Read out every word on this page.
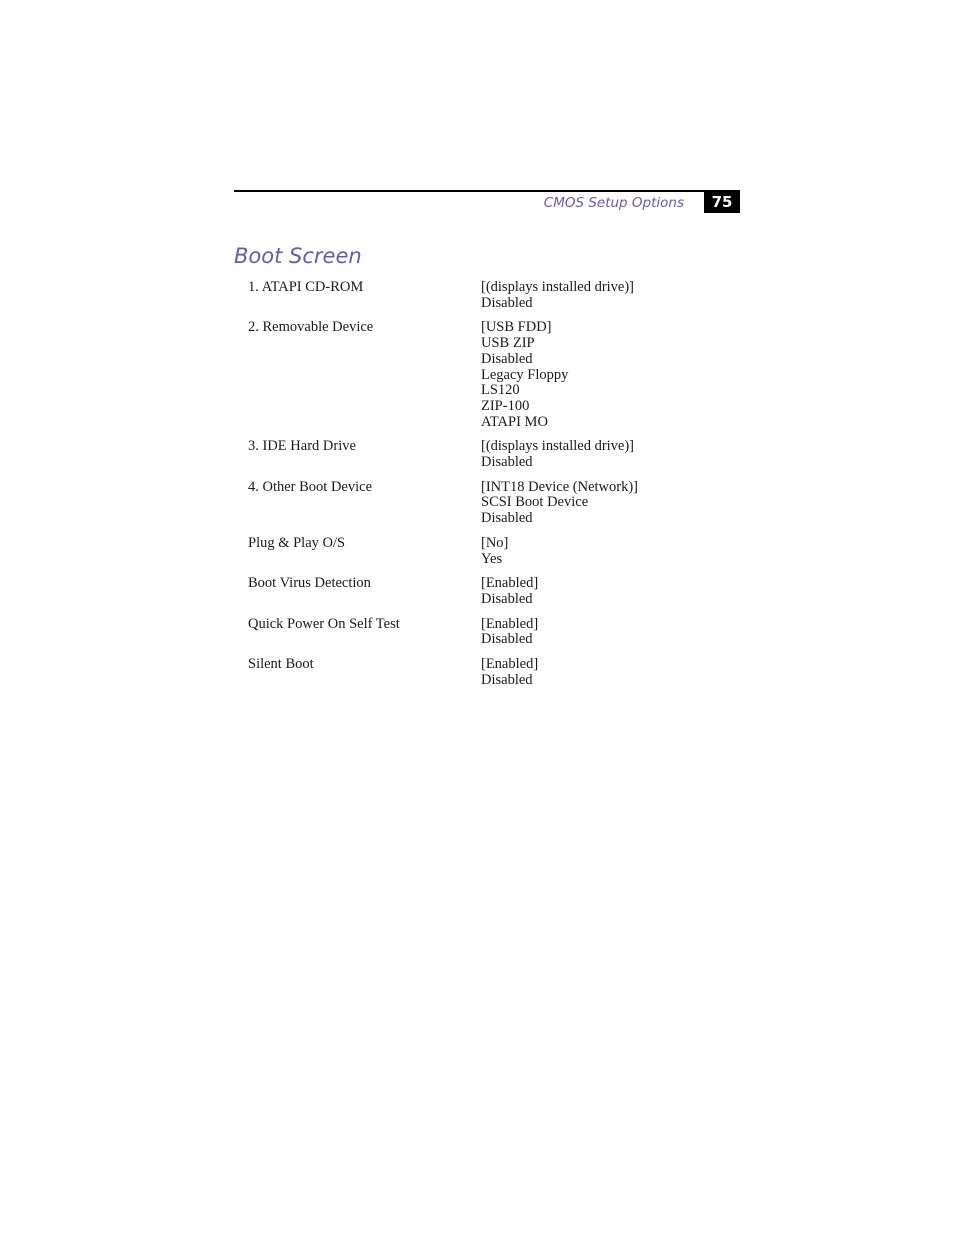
CMOS Setup Options	75
Boot Screen
1. ATAPI CD-ROM	[(displays installed drive)]
Disabled
2. Removable Device	[USB FDD]
USB ZIP
Disabled
Legacy Floppy
LS120
ZIP-100
ATAPI MO
3. IDE Hard Drive	[(displays installed drive)]
Disabled
4. Other Boot Device	[INT18 Device (Network)]
SCSI Boot Device
Disabled
Plug & Play O/S	[No]
Yes
Boot Virus Detection	[Enabled]
Disabled
Quick Power On Self Test	[Enabled]
Disabled
Silent Boot	[Enabled]
Disabled
